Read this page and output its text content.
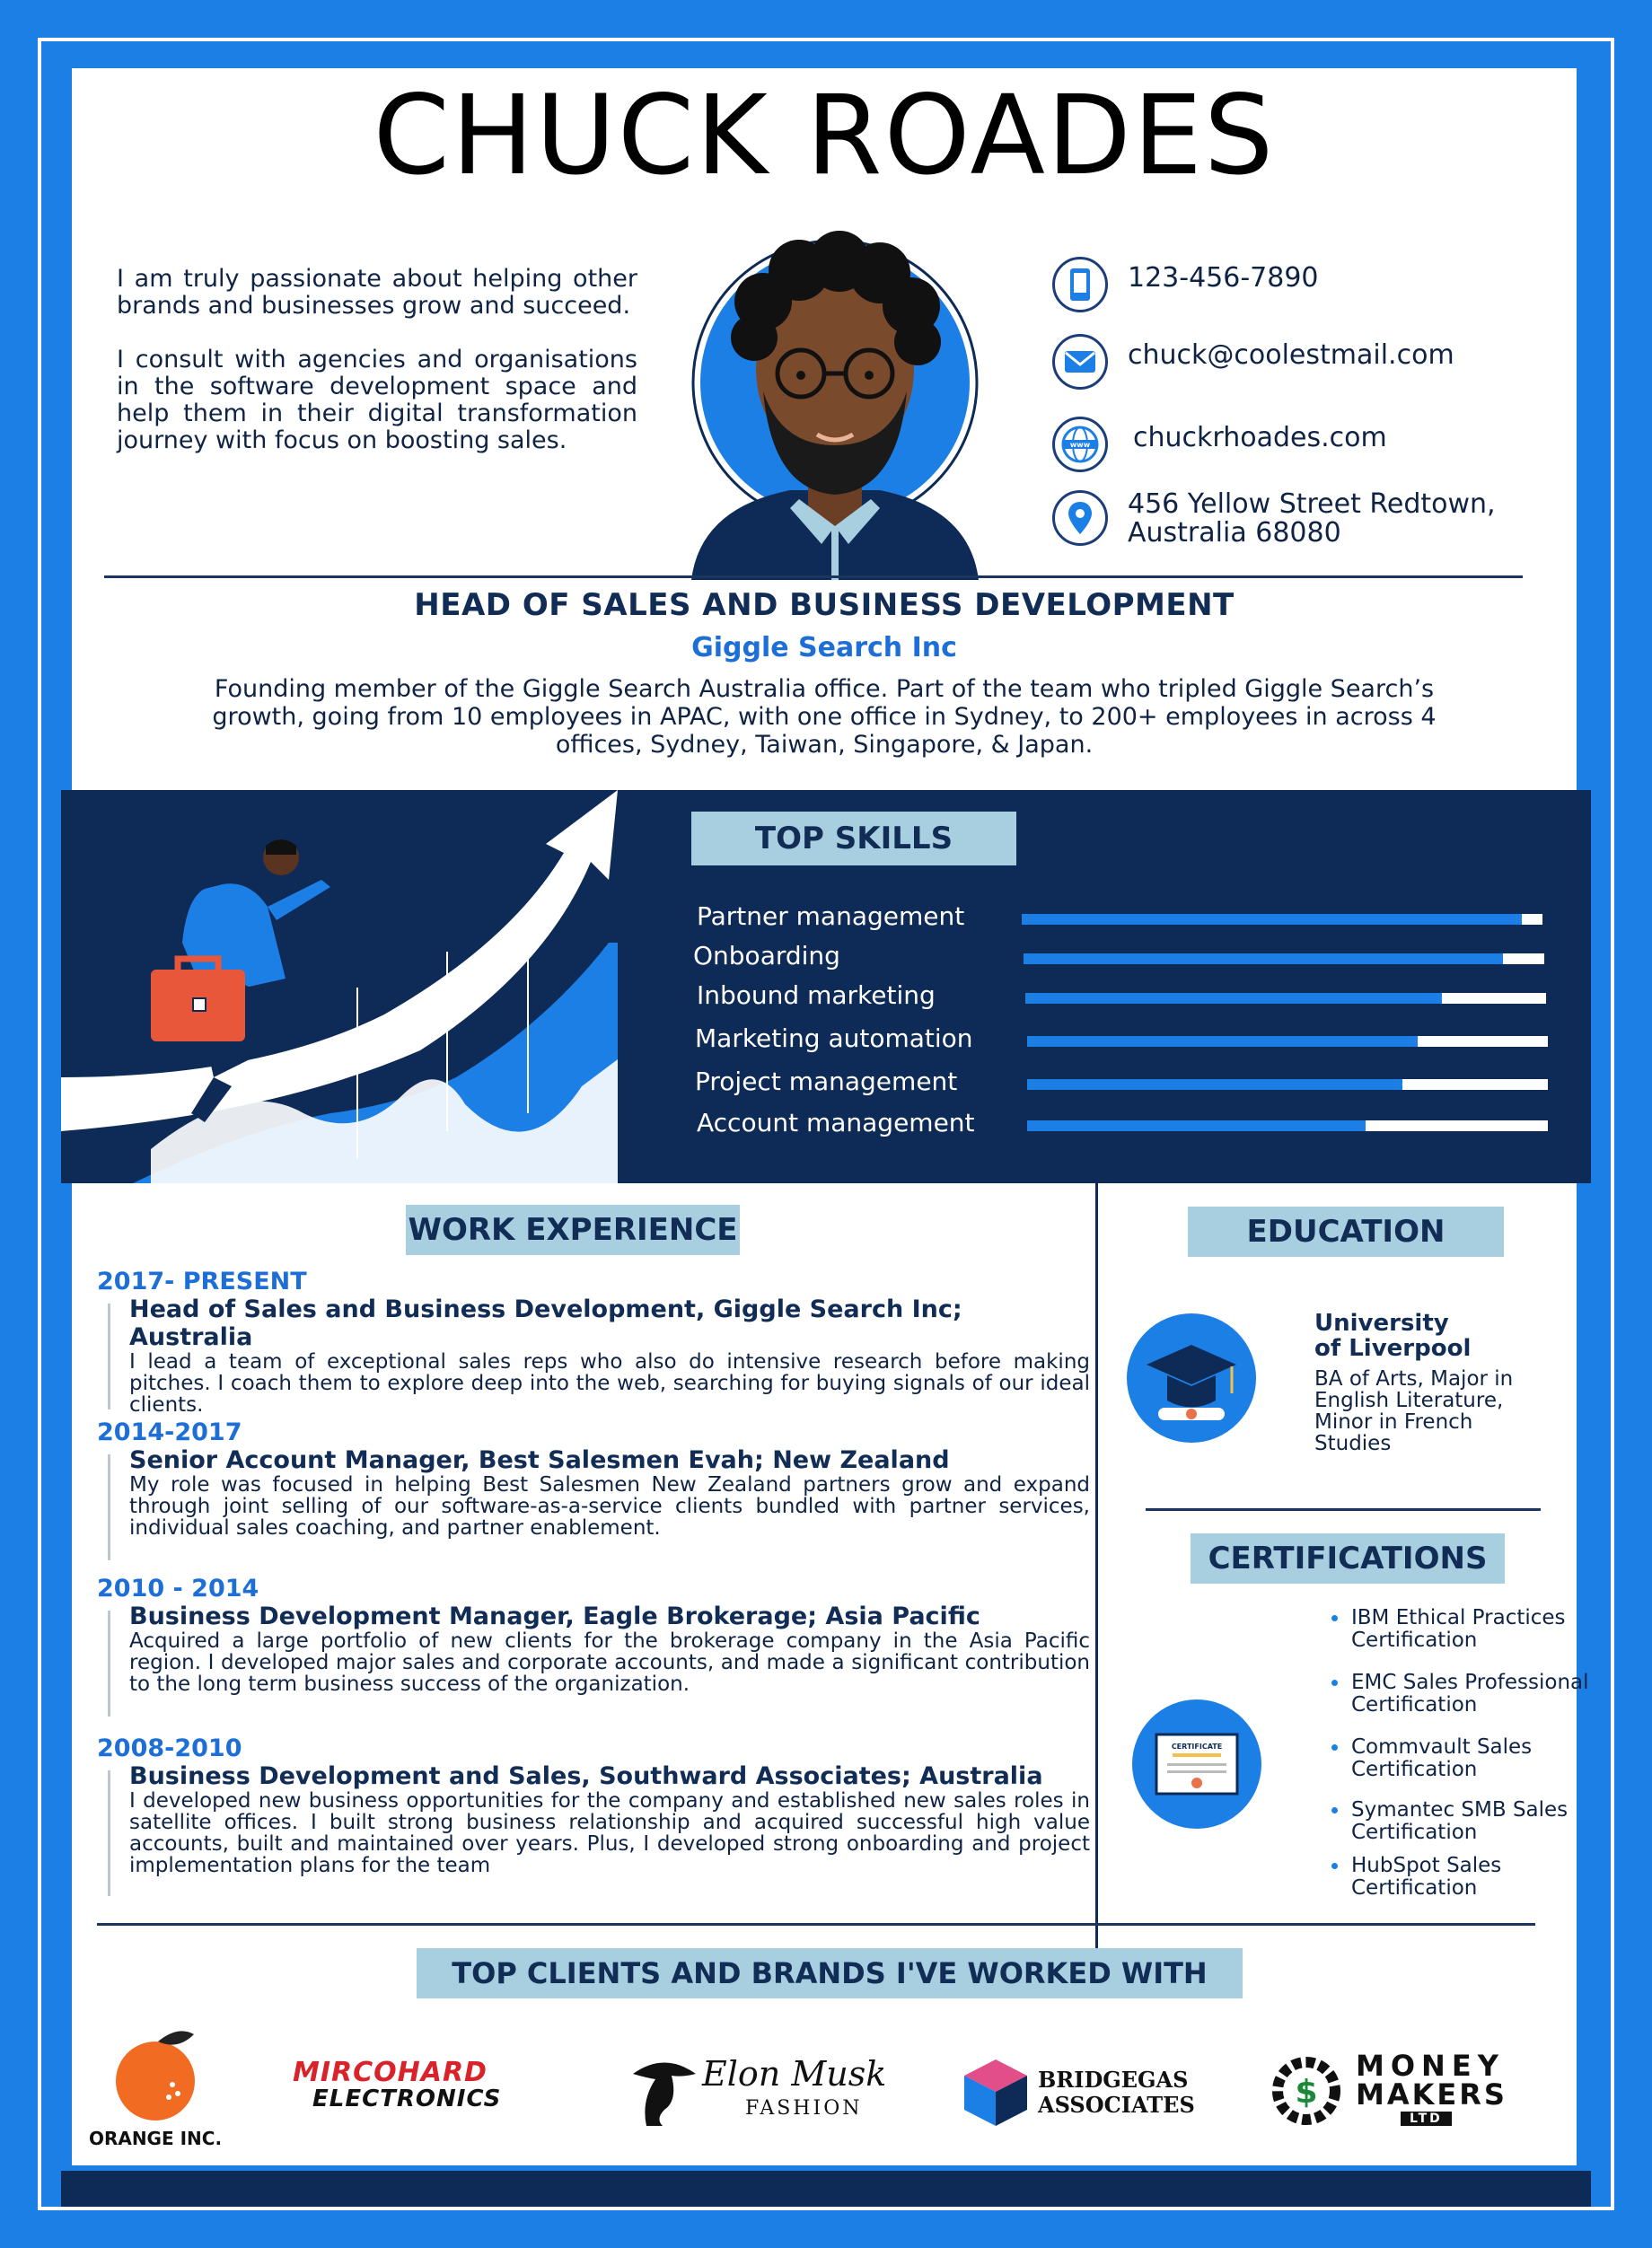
CHUCK ROADES

I am truly passionate about helping other brands and businesses grow and succeed.

I consult with agencies and organisations in the software development space and help them in their digital transformation journey with focus on boosting sales.

123-456-7890
chuck@coolestmail.com
www chuckrhoades.com
456 Yellow Street Redtown,
Australia 68080
HEAD OF SALES AND BUSINESS DEVELOPMENT
Giggle Search Inc
Founding member of the Giggle Search Australia office. Part of the team who tripled Giggle Search’s growth, going from 10 employees in APAC, with one office in Sydney, to 200+ employees in across 4 offices, Sydney, Taiwan, Singapore, & Japan.
WORK EXPERIENCE
2017- PRESENT
Head of Sales and Business Development, Giggle Search Inc; Australia
I lead a team of exceptional sales reps who also do intensive research before making pitches. I coach them to explore deep into the web, searching for buying signals of our ideal clients.
2014-2017
Senior Account Manager, Best Salesmen Evah; New Zealand
My role was focused in helping Best Salesmen New Zealand partners grow and expand through joint selling of our software-as-a-service clients bundled with partner services, individual sales coaching, and partner enablement.
2010 - 2014
Business Development Manager, Eagle Brokerage; Asia Pacific
Acquired a large portfolio of new clients for the brokerage company in the Asia Pacific region. I developed major sales and corporate accounts, and made a significant contribution to the long term business success of the organization.
2008-2010
Business Development and Sales, Southward Associates; Australia
I developed new business opportunities for the company and established new sales roles in satellite offices. I built strong business relationship and acquired successful high value accounts, built and maintained over years. Plus, I developed strong onboarding and project implementation plans for the team
EDUCATION
University
of Liverpool
BA of Arts, Major in English Literature, Minor in French Studies
CERTIFICATIONS
CERTIFICATE
IBM Ethical Practices
Certification
EMC Sales Professional
Certification
Commvault Sales
Certification
Symantec SMB Sales
Certification
HubSpot Sales
Certification
TOP CLIENTS AND BRANDS I'VE WORKED WITH
ORANGE INC.
MIRCOHARD
ELECTRONICS
Elon Musk
FASHION
BRIDGEGAS
ASSOCIATES	$
MONEY
MAKERS
LTD
TOP SKILLS
Partner management
Onboarding
Inbound marketing
Marketing automation
Project management
Account management
